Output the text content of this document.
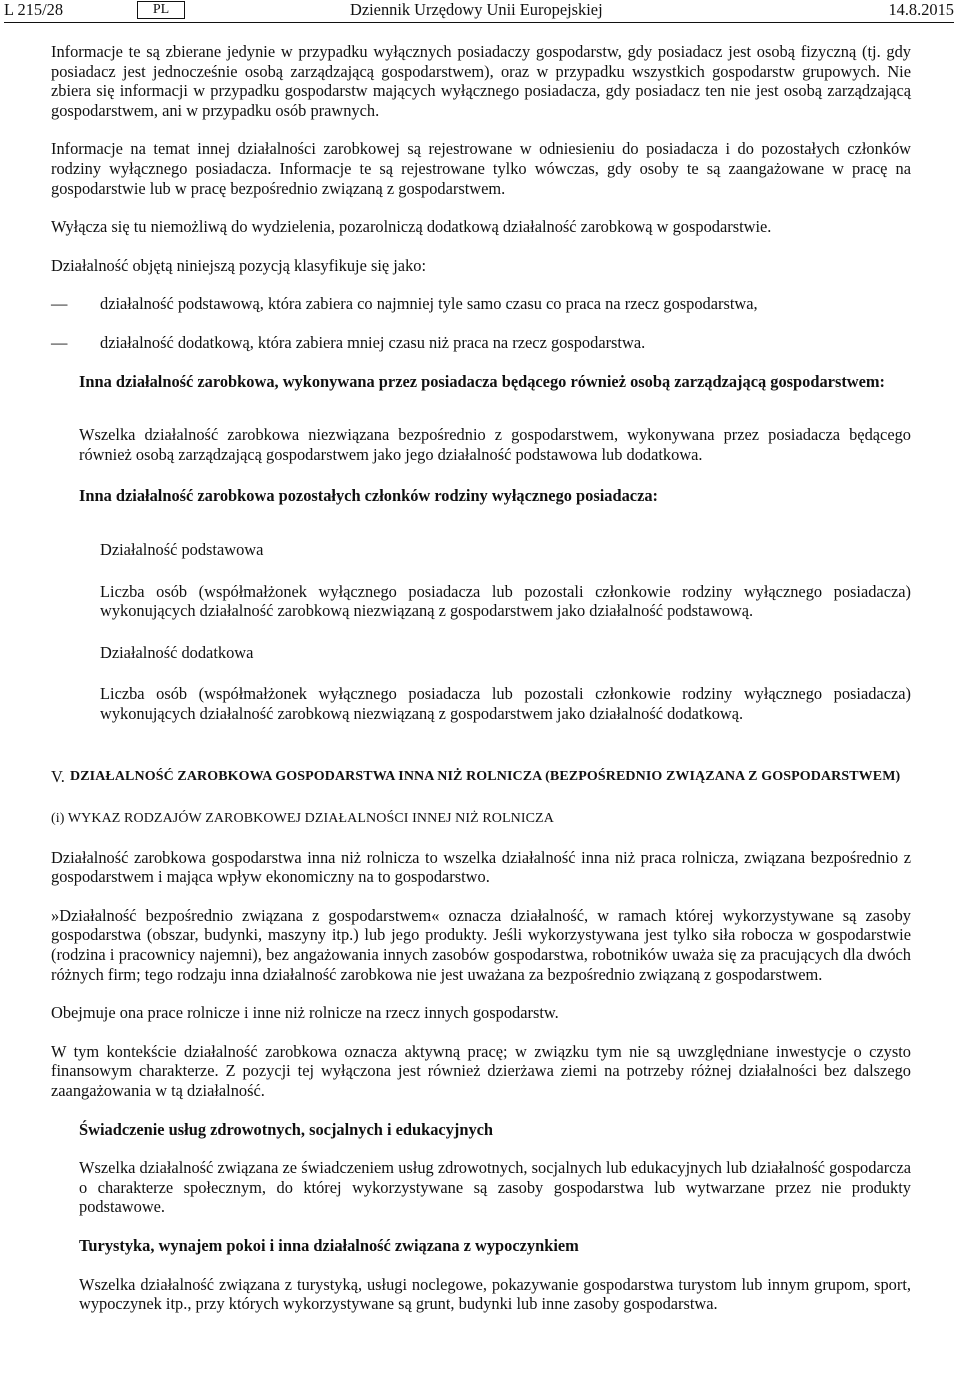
L 215/28	PL	Dziennik Urzędowy Unii Europejskiej	14.8.2015

Informacje te są zbierane jedynie w przypadku wyłącznych posiadaczy gospodarstw, gdy posiadacz jest osobą fizyczną (tj. gdy posiadacz jest jednocześnie osobą zarządzającą gospodarstwem), oraz w przypadku wszystkich gospodarstw grupowych. Nie zbiera się informacji w przypadku gospodarstw mających wyłącznego posiadacza, gdy posiadacz ten nie jest osobą zarządzającą gospodarstwem, ani w przypadku osób prawnych.

Informacje na temat innej działalności zarobkowej są rejestrowane w odniesieniu do posiadacza i do pozostałych członków rodziny wyłącznego posiadacza. Informacje te są rejestrowane tylko wówczas, gdy osoby te są zaangażowane w pracę na gospodarstwie lub w pracę bezpośrednio związaną z gospodarstwem.

Wyłącza się tu niemożliwą do wydzielenia, pozarolniczą dodatkową działalność zarobkową w gospodarstwie.

Działalność objętą niniejszą pozycją klasyfikuje się jako:

— działalność podstawową, która zabiera co najmniej tyle samo czasu co praca na rzecz gospodarstwa,

— działalność dodatkową, która zabiera mniej czasu niż praca na rzecz gospodarstwa.

Inna działalność zarobkowa, wykonywana przez posiadacza będącego również osobą zarządzającą gospodarstwem:

Wszelka działalność zarobkowa niezwiązana bezpośrednio z gospodarstwem, wykonywana przez posiadacza będącego również osobą zarządzającą gospodarstwem jako jego działalność podstawowa lub dodatkowa.

Inna działalność zarobkowa pozostałych członków rodziny wyłącznego posiadacza:

Działalność podstawowa

Liczba osób (współmałżonek wyłącznego posiadacza lub pozostali członkowie rodziny wyłącznego posiadacza) wykonujących działalność zarobkową niezwiązaną z gospodarstwem jako działalność podstawową.

Działalność dodatkowa

Liczba osób (współmałżonek wyłącznego posiadacza lub pozostali członkowie rodziny wyłącznego posiadacza) wykonujących działalność zarobkową niezwiązaną z gospodarstwem jako działalność dodatkową.

V. DZIAŁALNOŚĆ ZAROBKOWA GOSPODARSTWA INNA NIŻ ROLNICZA (BEZPOŚREDNIO ZWIĄZANA Z GOSPODARSTWEM)

(i) WYKAZ RODZAJÓW ZAROBKOWEJ DZIAŁALNOŚCI INNEJ NIŻ ROLNICZA

Działalność zarobkowa gospodarstwa inna niż rolnicza to wszelka działalność inna niż praca rolnicza, związana bezpośrednio z gospodarstwem i mająca wpływ ekonomiczny na to gospodarstwo.

»Działalność bezpośrednio związana z gospodarstwem« oznacza działalność, w ramach której wykorzystywane są zasoby gospodarstwa (obszar, budynki, maszyny itp.) lub jego produkty. Jeśli wykorzystywana jest tylko siła robocza w gospodarstwie (rodzina i pracownicy najemni), bez angażowania innych zasobów gospodarstwa, robotników uważa się za pracujących dla dwóch różnych firm; tego rodzaju inna działalność zarobkowa nie jest uważana za bezpośrednio związaną z gospodarstwem.

Obejmuje ona prace rolnicze i inne niż rolnicze na rzecz innych gospodarstw.

W tym kontekście działalność zarobkowa oznacza aktywną pracę; w związku tym nie są uwzględniane inwestycje o czysto finansowym charakterze. Z pozycji tej wyłączona jest również dzierżawa ziemi na potrzeby różnej działalności bez dalszego zaangażowania w tą działalność.

Świadczenie usług zdrowotnych, socjalnych i edukacyjnych

Wszelka działalność związana ze świadczeniem usług zdrowotnych, socjalnych lub edukacyjnych lub działalność gospodarcza o charakterze społecznym, do której wykorzystywane są zasoby gospodarstwa lub wytwarzane przez nie produkty podstawowe.

Turystyka, wynajem pokoi i inna działalność związana z wypoczynkiem

Wszelka działalność związana z turystyką, usługi noclegowe, pokazywanie gospodarstwa turystom lub innym grupom, sport, wypoczynek itp., przy których wykorzystywane są grunt, budynki lub inne zasoby gospodarstwa.
